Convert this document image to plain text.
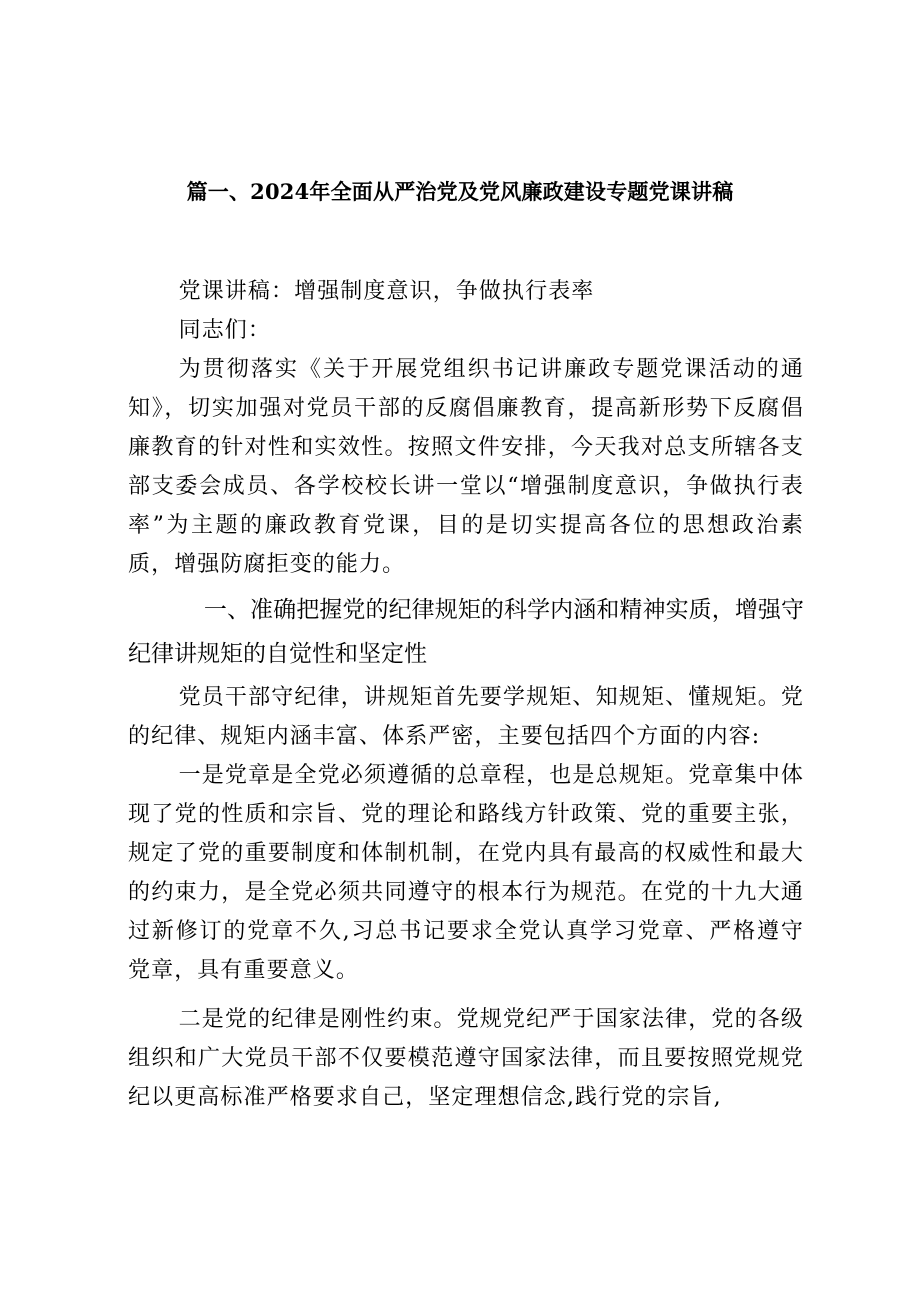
篇一、2024年全面从严治党及党风廉政建设专题党课讲稿

党课讲稿：增强制度意识，争做执行表率

同志们：

为贯彻落实《关于开展党组织书记讲廉政专题党课活动的通知》，切实加强对党员干部的反腐倡廉教育，提高新形势下反腐倡廉教育的针对性和实效性。按照文件安排，今天我对总支所辖各支部支委会成员、各学校校长讲一堂以“增强制度意识，争做执行表率”为主题的廉政教育党课，目的是切实提高各位的思想政治素质，增强防腐拒变的能力。

一、准确把握党的纪律规矩的科学内涵和精神实质，增强守纪律讲规矩的自觉性和坚定性

党员干部守纪律，讲规矩首先要学规矩、知规矩、懂规矩。党的纪律、规矩内涵丰富、体系严密，主要包括四个方面的内容:

一是党章是全党必须遵循的总章程，也是总规矩。党章集中体现了党的性质和宗旨、党的理论和路线方针政策、党的重要主张，规定了党的重要制度和体制机制，在党内具有最高的权威性和最大的约束力，是全党必须共同遵守的根本行为规范。在党的十九大通过新修订的党章不久,习总书记要求全党认真学习党章、严格遵守党章，具有重要意义。

二是党的纪律是刚性约束。党规党纪严于国家法律，党的各级组织和广大党员干部不仅要模范遵守国家法律，而且要按照党规党纪以更高标准严格要求自己，坚定理想信念,践行党的宗旨,
